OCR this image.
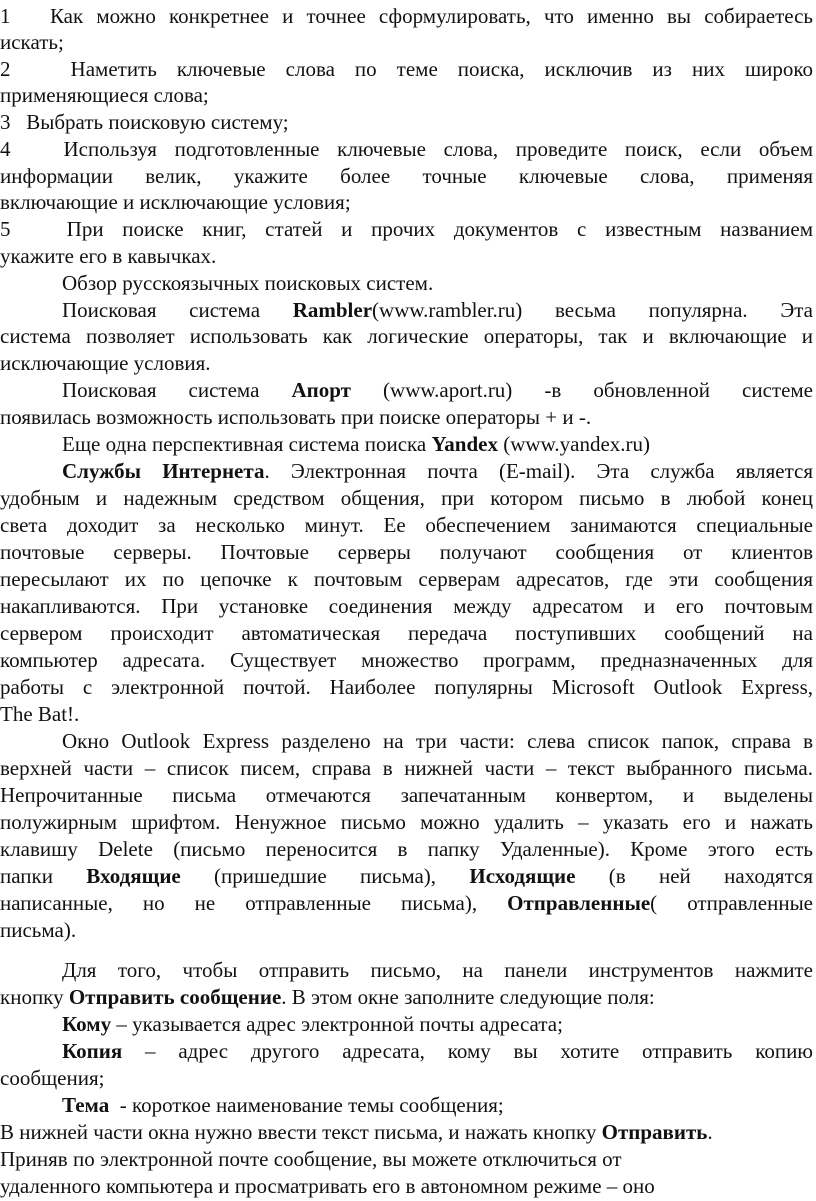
1 Как можно конкретнее и точнее сформулировать, что именно вы собираетесь
искать;
2	Наметить ключевые слова по теме поиска, исключив из них широко
применяющиеся слова;
3 Выбрать поисковую систему;
4	Используя подготовленные ключевые слова, проведите поиск, если объем
информации велик, укажите более точные ключевые слова, применяя
включающие и исключающие условия;
5	При поиске книг, статей и прочих документов с известным названием
укажите его в кавычках.
Обзор русскоязычных поисковых систем.
Поисковая система Rambler(www.rambler.ru) весьма популярна. Эта
система позволяет использовать как логические операторы, так и включающие и
исключающие условия.
Поисковая система Апорт (www.aport.ru) -в обновленной системе
появилась возможность использовать при поиске операторы + и -.
Еще одна перспективная система поиска Yandex (www.yandex.ru)
Службы Интернета. Электронная почта (E-mail). Эта служба является
удобным и надежным средством общения, при котором письмо в любой конец
света доходит за несколько минут. Ее обеспечением занимаются специальные
почтовые серверы. Почтовые серверы получают сообщения от клиентов
пересылают их по цепочке к почтовым серверам адресатов, где эти сообщения
накапливаются. При установке соединения между адресатом и его почтовым
сервером происходит автоматическая передача поступивших сообщений на
компьютер адресата. Существует множество программ, предназначенных для
работы с электронной почтой. Наиболее популярны Microsoft Outlook Express,
The Bat!.
Окно Outlook Express разделено на три части: слева список папок, справа в
верхней части – список писем, справа в нижней части – текст выбранного письма.
Непрочитанные письма отмечаются запечатанным конвертом, и выделены
полужирным шрифтом. Ненужное письмо можно удалить – указать его и нажать
клавишу Delete (письмо переносится в папку Удаленные). Кроме этого есть
папки Входящие (пришедшие письма), Исходящие (в ней находятся
написанные, но не отправленные письма), Отправленные( отправленные
письма).
Для того, чтобы отправить письмо, на панели инструментов нажмите
кнопку Отправить сообщение. В этом окне заполните следующие поля:
Кому – указывается адрес электронной почты адресата;
Копия – адрес другого адресата, кому вы хотите отправить копию
сообщения;
Тема  - короткое наименование темы сообщения;
В нижней части окна нужно ввести текст письма, и нажать кнопку Отправить.
Приняв по электронной почте сообщение, вы можете отключиться от
удаленного компьютера и просматривать его в автономном режиме – оно
